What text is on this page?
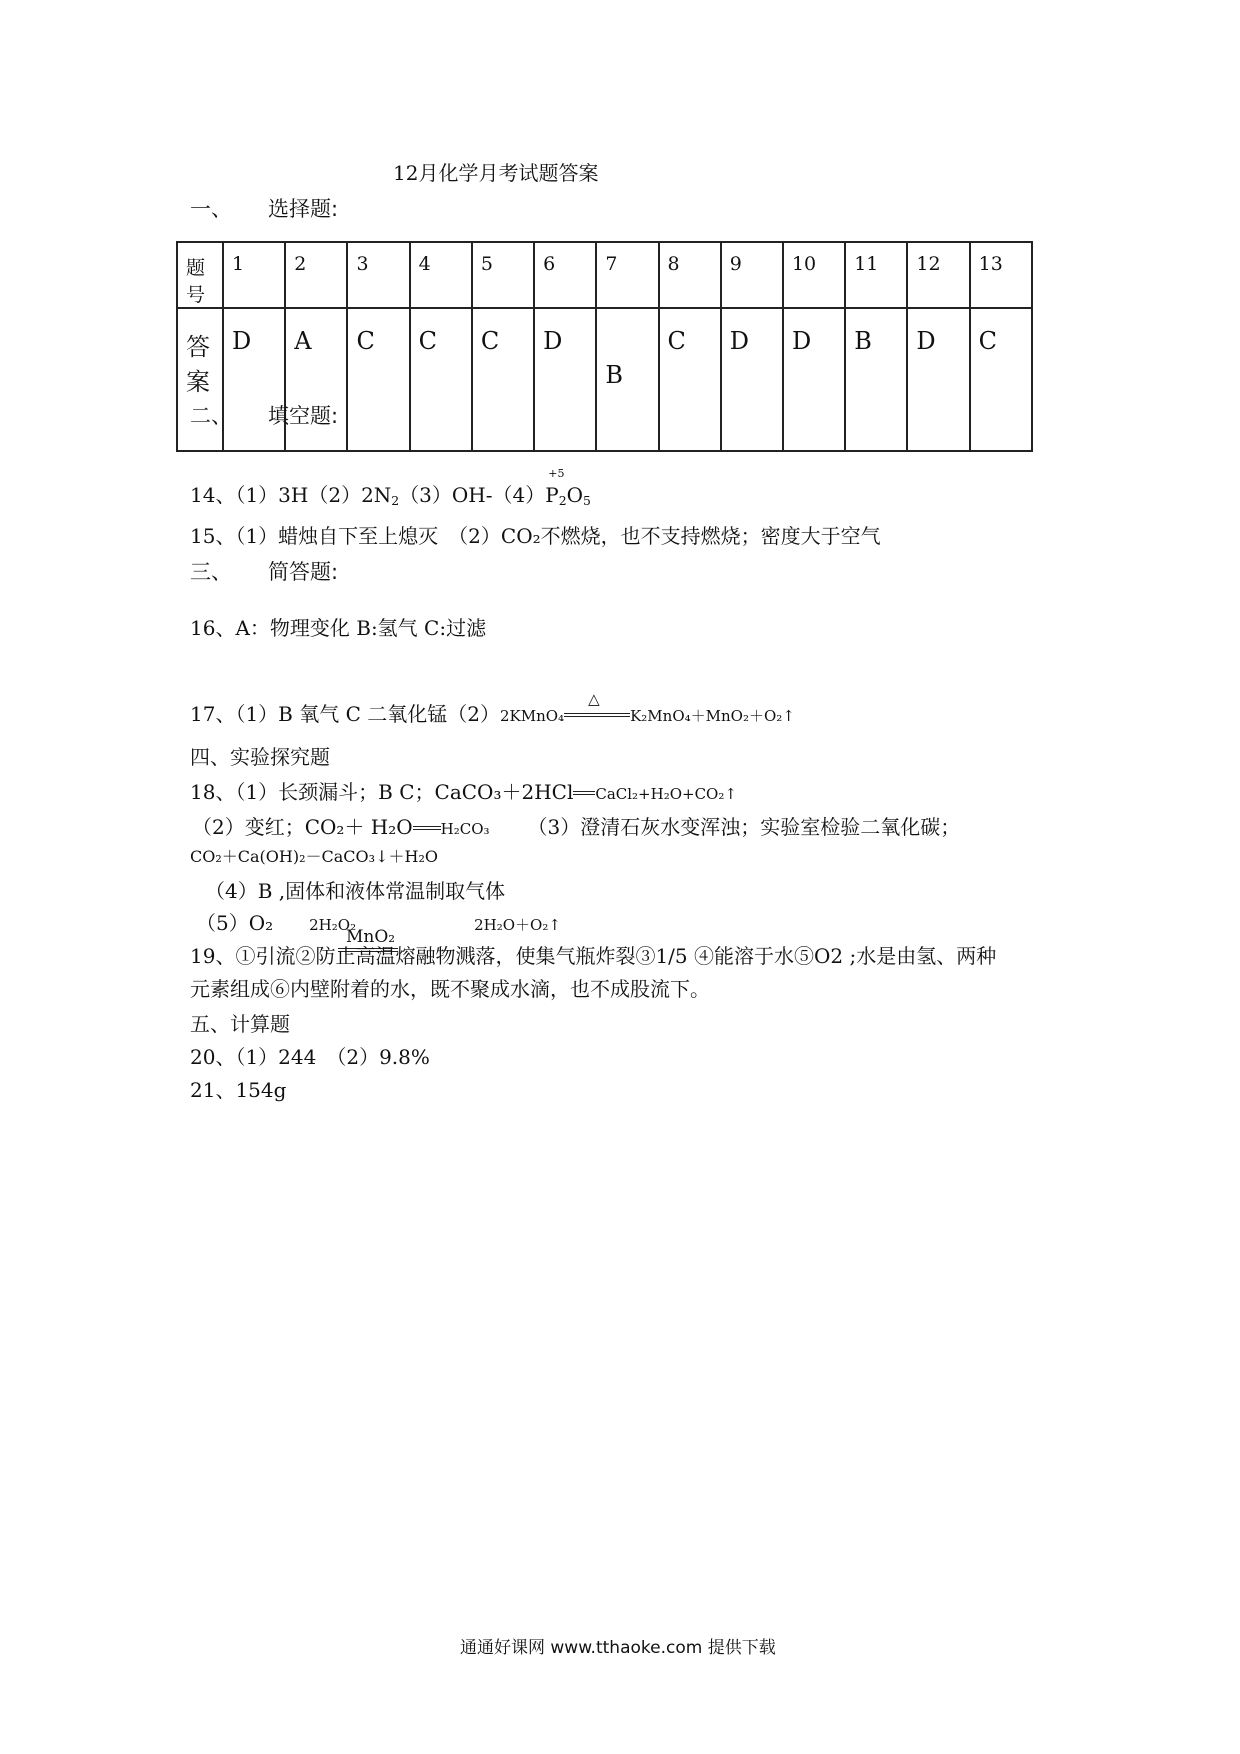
12月化学月考试题答案
一、 选择题:
题号	1	2	3	4	5	6	7	8	9	10	11	12	13
答案	D	A	C	C	C	D	B	C	D	D	B	D	C
二、 填空题:
14、$(1)3H(2)2N_2(3)OH-(4)$
+5
$P_2O_5$
15、（1）蜡烛自下至上熄灭　（2）CO₂不燃烧，也不支持燃烧；密度大于空气
三、 简答题:
16、A：物理变化 B:氢气 C:过滤
17、（1）B 氧气 C 二氧化锰（2）2KMnO₄
△
K₂MnO₄＋MnO₂＋O₂↑
四、实验探究题
18、（1）长颈漏斗；B C；CaCO₃＋2HCl CaCl₂+H₂O+CO₂↑
（2）变红；CO₂＋ H₂O H₂CO₃ （3）澄清石灰水变浑浊；实验室检验二氧化碳；
CO₂＋Ca(OH)₂－CaCO₃↓＋H₂O
（4）B ,固体和液体常温制取气体
（5）O₂ 2H₂O₂	2H₂O＋O₂↑
MnO₂
19、①引流②防止高温熔融物溅落，使集气瓶炸裂③1/5 ④能溶于水⑤O2 ;水是由氢、两种
元素组成⑥内壁附着的水，既不聚成水滴，也不成股流下。
五、计算题
20、（1）244　（2）9.8%
21、154g
通通好课网 www.tthaoke.com 提供下载
